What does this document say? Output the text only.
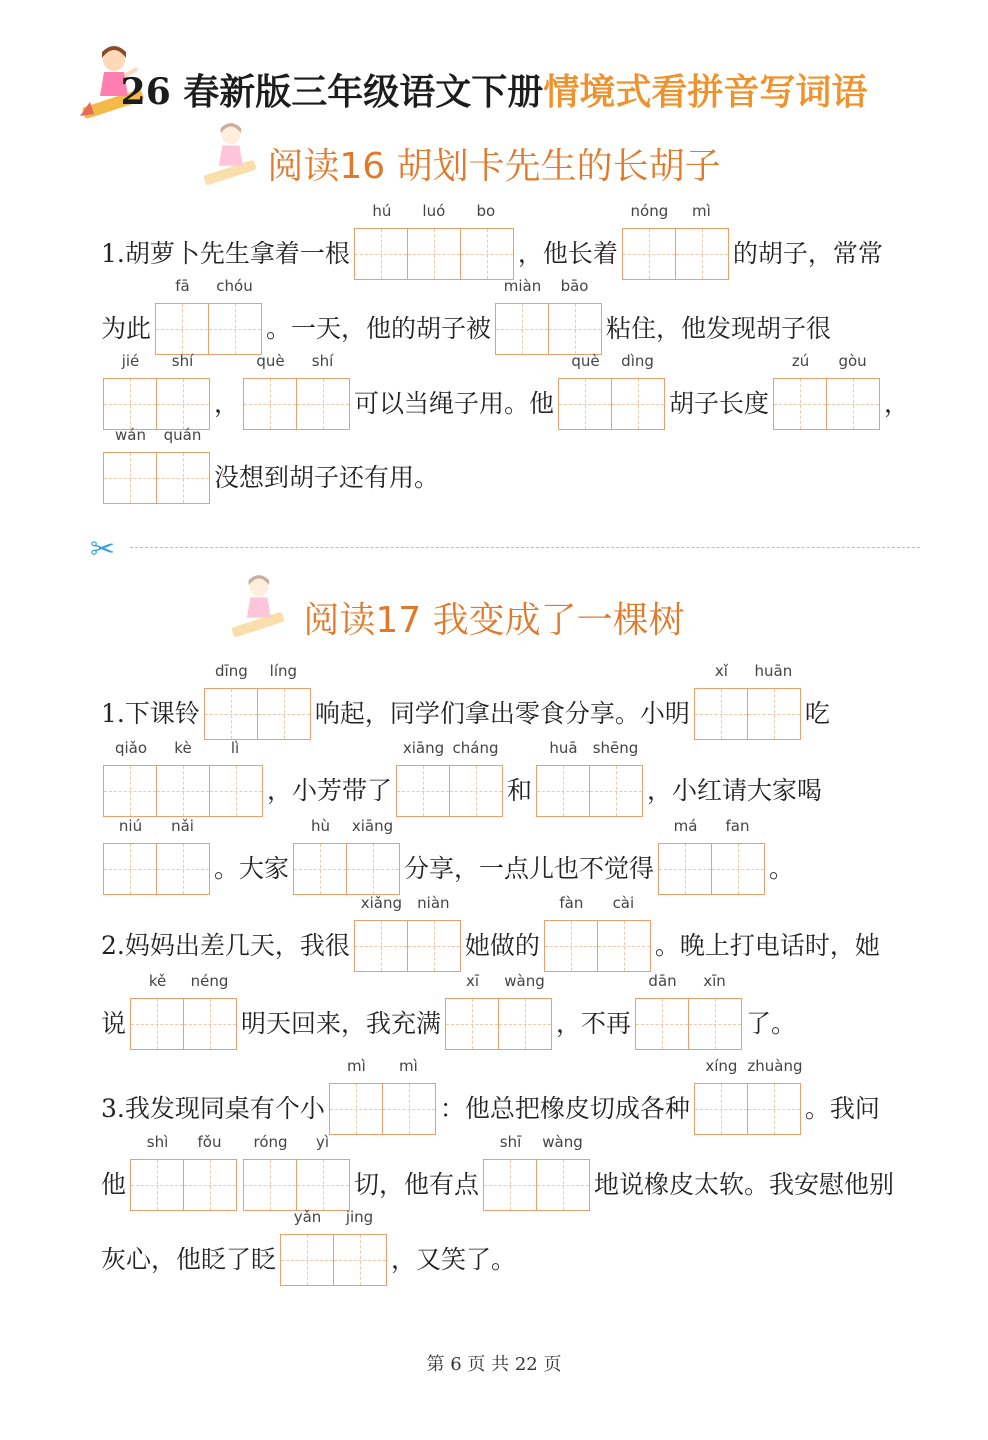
26 春新版三年级语文下册情境式看拼音写词语
阅读16 胡划卡先生的长胡子
1.胡萝卜先生拿着一根
hú	luó	bo
，他长着
nóng	mì
的胡子，常常
为此
fā	chóu
。一天，他的胡子被
miàn	bāo
粘住，他发现胡子很
jié	shí
，
què	shí
可以当绳子用。他
què	dìng
胡子长度
zú	gòu
，
wán	quán
没想到胡子还有用。
✂
阅读17 我变成了一棵树
1.下课铃
dīng	líng
响起，同学们拿出零食分享。小明
xǐ	huān
吃
qiǎo	kè	lì
，小芳带了
xiāng cháng
和
huā	shēng
，小红请大家喝
niú	nǎi
。大家
hù	xiāng
分享，一点儿也不觉得
má	fan
。
2.妈妈出差几天，我很
xiǎng	niàn
她做的
fàn	cài
。晚上打电话时，她
说
kě	néng
明天回来，我充满
xī	wàng
，不再
dān	xīn
了。
3.我发现同桌有个小
mì	mì
：他总把橡皮切成各种
xíng zhuàng
。我问
他
shì	fǒu	róng	yì
切，他有点
shī	wàng
地说橡皮太软。我安慰他别
灰心，他眨了眨
yǎn	jing
，又笑了。
第 6 页 共 22 页
